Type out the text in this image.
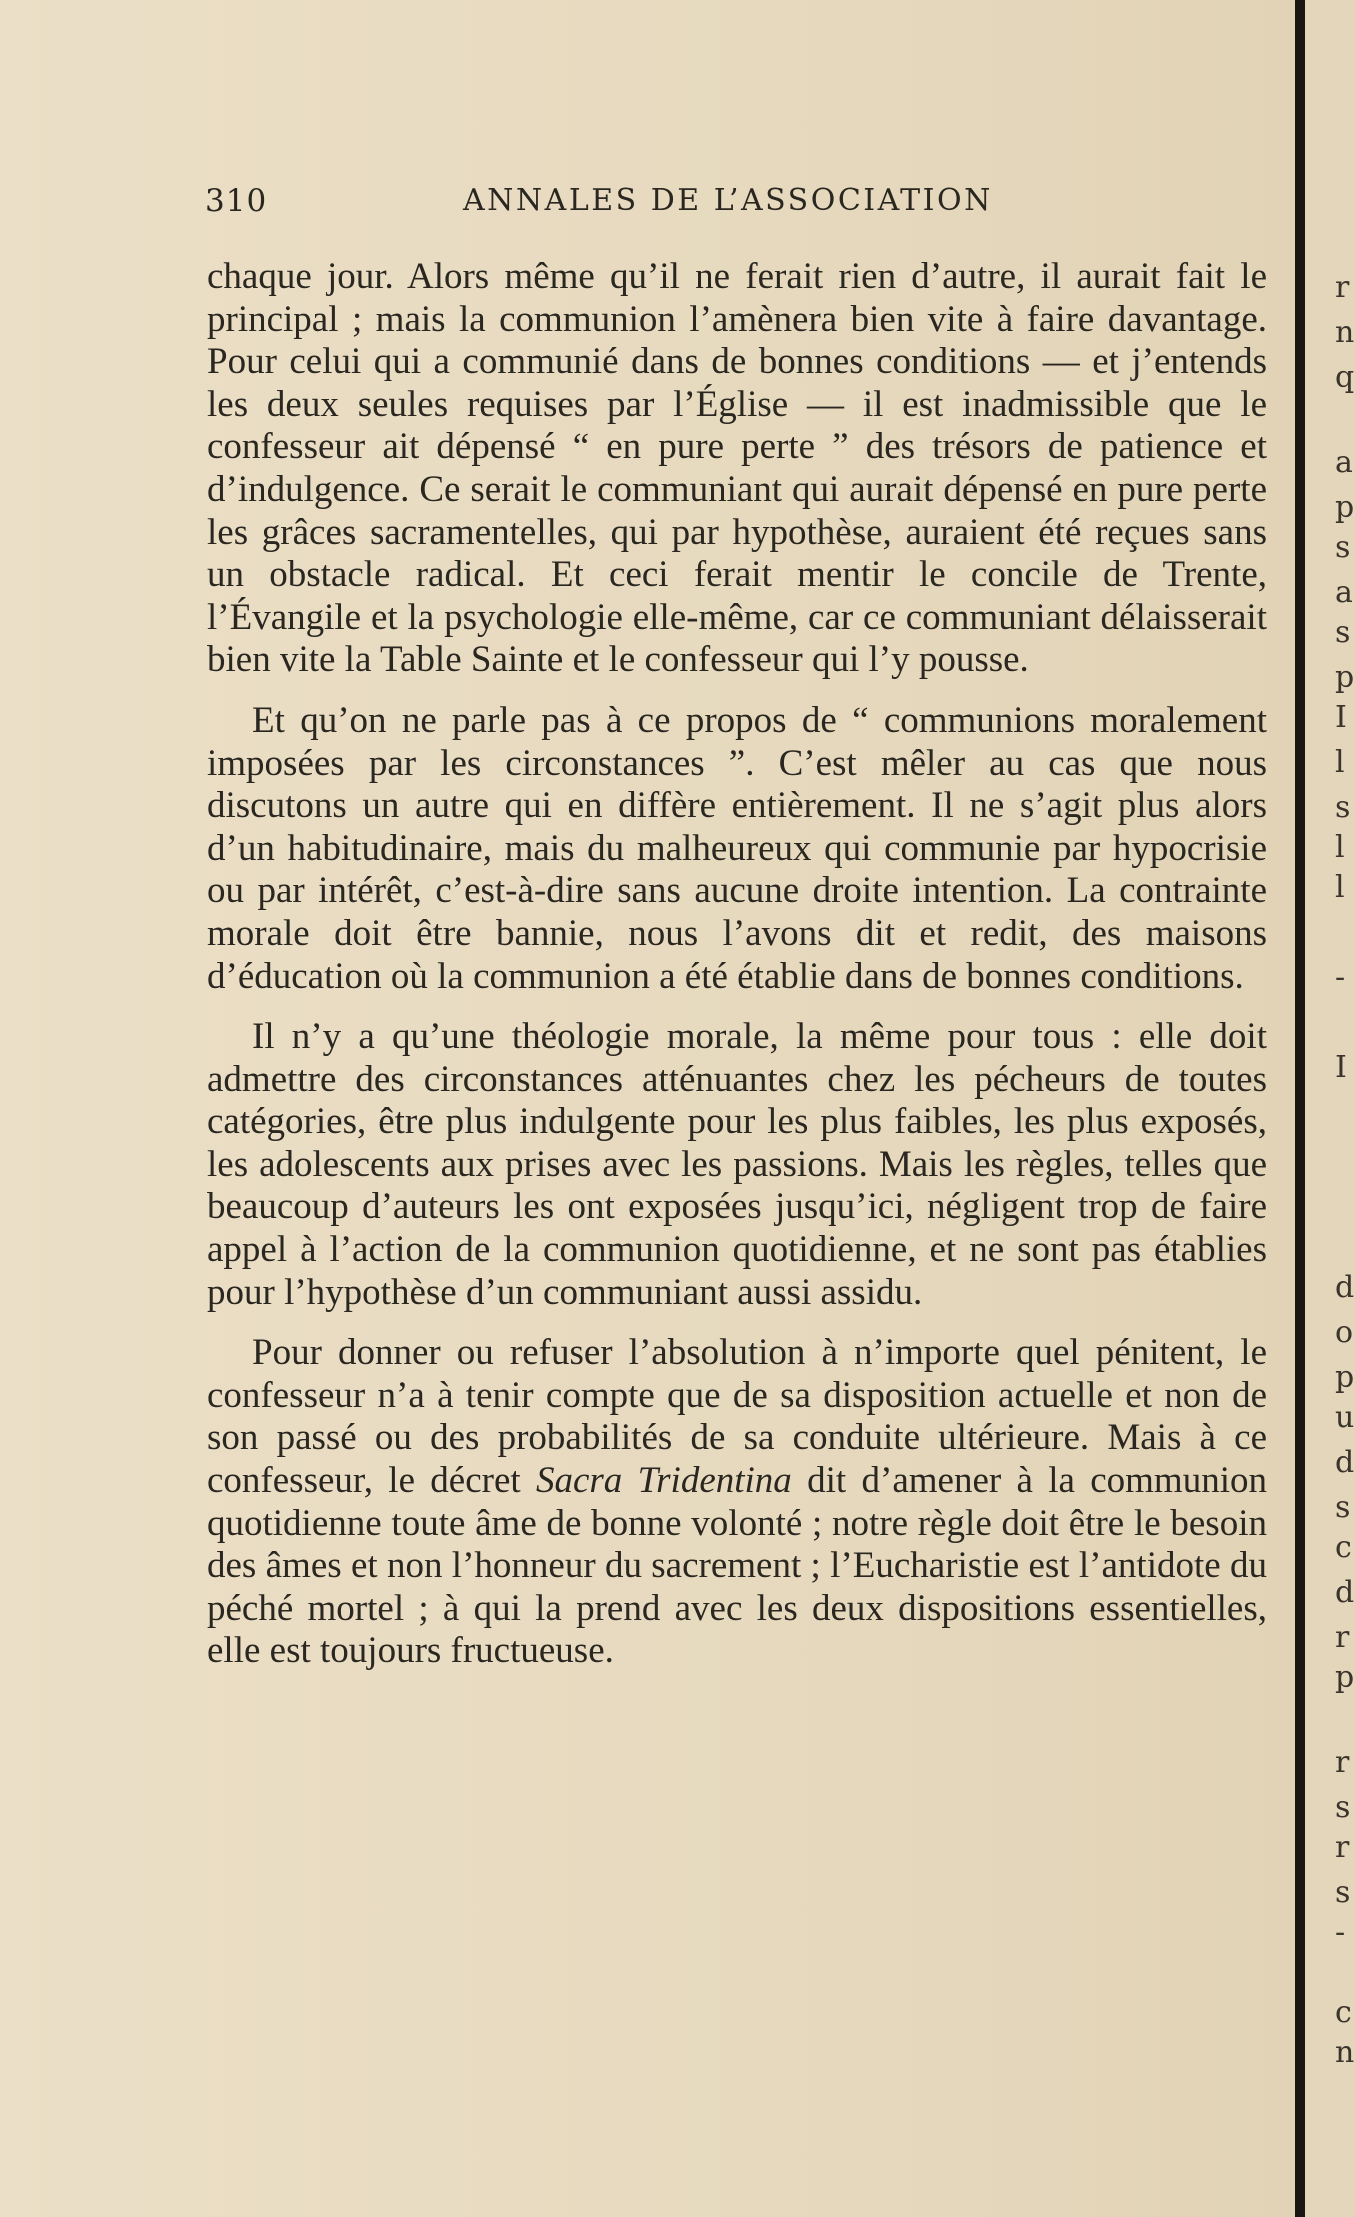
310	ANNALES DE L’ASSOCIATION

chaque jour. Alors même qu’il ne ferait rien d’autre, il aurait fait le principal ; mais la communion l’amènera bien vite à faire davantage. Pour celui qui a communié dans de bonnes conditions — et j’entends les deux seules requises par l’Église — il est inadmissible que le confesseur ait dépensé “ en pure perte ” des trésors de patience et d’indulgence. Ce serait le communiant qui aurait dépensé en pure perte les grâces sacramentelles, qui par hypothèse, auraient été reçues sans un obstacle radical. Et ceci ferait mentir le concile de Trente, l’Évangile et la psychologie elle-même, car ce communiant délaisserait bien vite la Table Sainte et le confesseur qui l’y pousse.

Et qu’on ne parle pas à ce propos de “ communions moralement imposées par les circonstances ”. C’est mêler au cas que nous discutons un autre qui en diffère entièrement. Il ne s’agit plus alors d’un habitudinaire, mais du malheureux qui communie par hypocrisie ou par intérêt, c’est-à-dire sans aucune droite intention. La contrainte morale doit être bannie, nous l’avons dit et redit, des maisons d’éducation où la communion a été établie dans de bonnes conditions.

Il n’y a qu’une théologie morale, la même pour tous : elle doit admettre des circonstances atténuantes chez les pécheurs de toutes catégories, être plus indulgente pour les plus faibles, les plus exposés, les adolescents aux prises avec les passions. Mais les règles, telles que beaucoup d’auteurs les ont exposées jusqu’ici, négligent trop de faire appel à l’action de la communion quotidienne, et ne sont pas établies pour l’hypothèse d’un communiant aussi assidu.

Pour donner ou refuser l’absolution à n’importe quel pénitent, le confesseur n’a à tenir compte que de sa disposition actuelle et non de son passé ou des probabilités de sa conduite ultérieure. Mais à ce confesseur, le décret Sacra Tridentina dit d’amener à la communion quotidienne toute âme de bonne volonté ; notre règle doit être le besoin des âmes et non l’honneur du sacrement ; l’Eucharistie est l’antidote du péché mortel ; à qui la prend avec les deux dispositions essentielles, elle est toujours fructueuse.

r
n
q
a
p
s
a
s
p
I
l
s
l
l
-
I
d
o
p
u
d
s
c
d
r
p
r
s
r
s
-
c
n
